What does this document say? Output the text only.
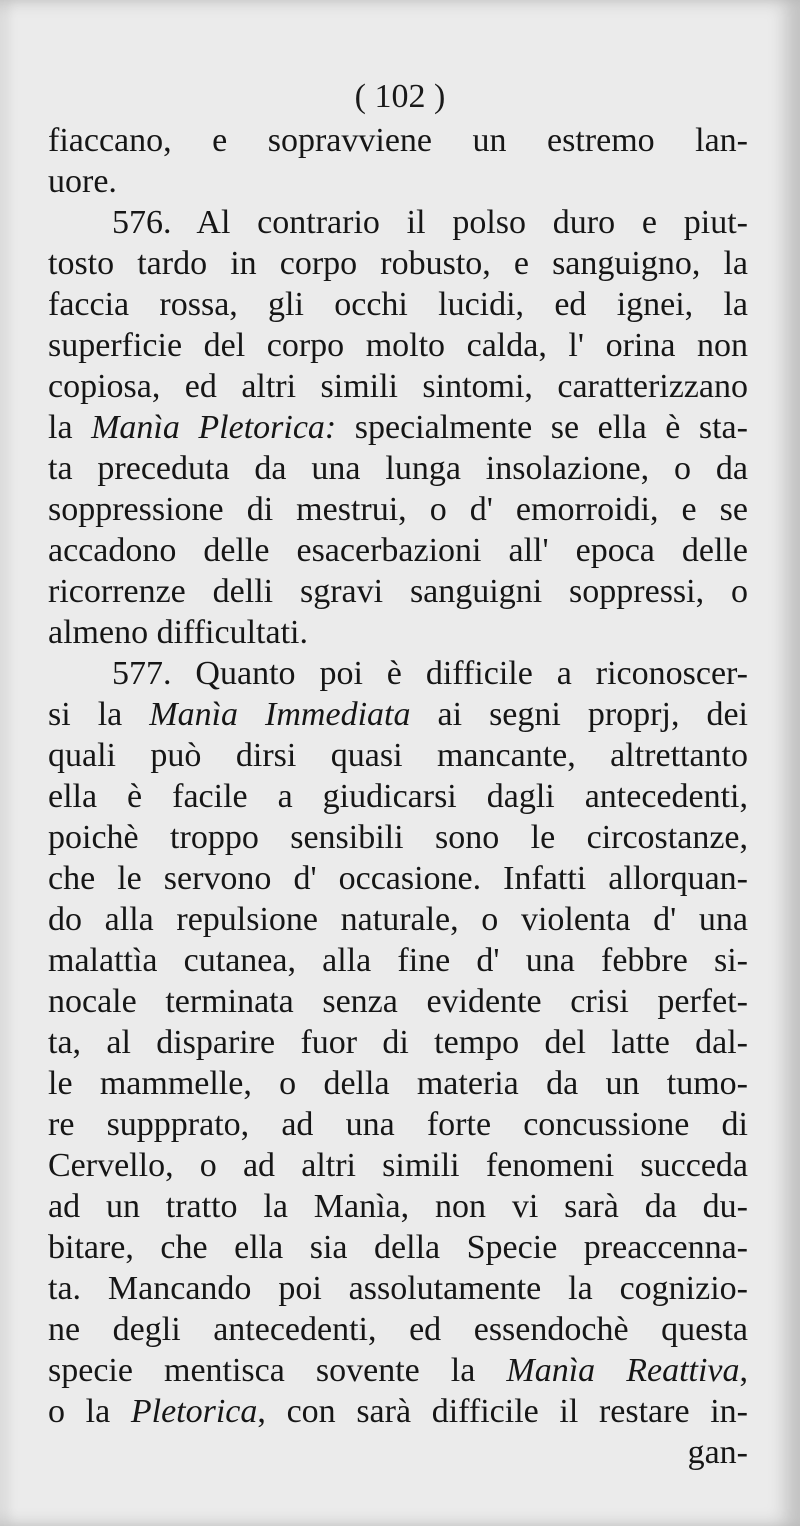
( 102 )

fiaccano, e sopravviene un estremo lan-
uore.
576. Al contrario il polso duro e piut-
tosto tardo in corpo robusto, e sanguigno, la
faccia rossa, gli occhi lucidi, ed ignei, la
superficie del corpo molto calda, l' orina non
copiosa, ed altri simili sintomi, caratterizzano
la Manìa Pletorica: specialmente se ella è sta-
ta preceduta da una lunga insolazione, o da
soppressione di mestrui, o d' emorroidi, e se
accadono delle esacerbazioni all' epoca delle
ricorrenze delli sgravi sanguigni soppressi, o
almeno difficultati.
577. Quanto poi è difficile a riconoscer-
si la Manìa Immediata ai segni proprj, dei
quali può dirsi quasi mancante, altrettanto
ella è facile a giudicarsi dagli antecedenti,
poichè troppo sensibili sono le circostanze,
che le servono d' occasione. Infatti allorquan-
do alla repulsione naturale, o violenta d' una
malattìa cutanea, alla fine d' una febbre si-
nocale terminata senza evidente crisi perfet-
ta, al disparire fuor di tempo del latte dal-
le mammelle, o della materia da un tumo-
re suppprato, ad una forte concussione di
Cervello, o ad altri simili fenomeni succeda
ad un tratto la Manìa, non vi sarà da du-
bitare, che ella sia della Specie preaccenna-
ta. Mancando poi assolutamente la cognizio-
ne degli antecedenti, ed essendochè questa
specie mentisca sovente la Manìa Reattiva,
o la Pletorica, con sarà difficile il restare in-
gan-
